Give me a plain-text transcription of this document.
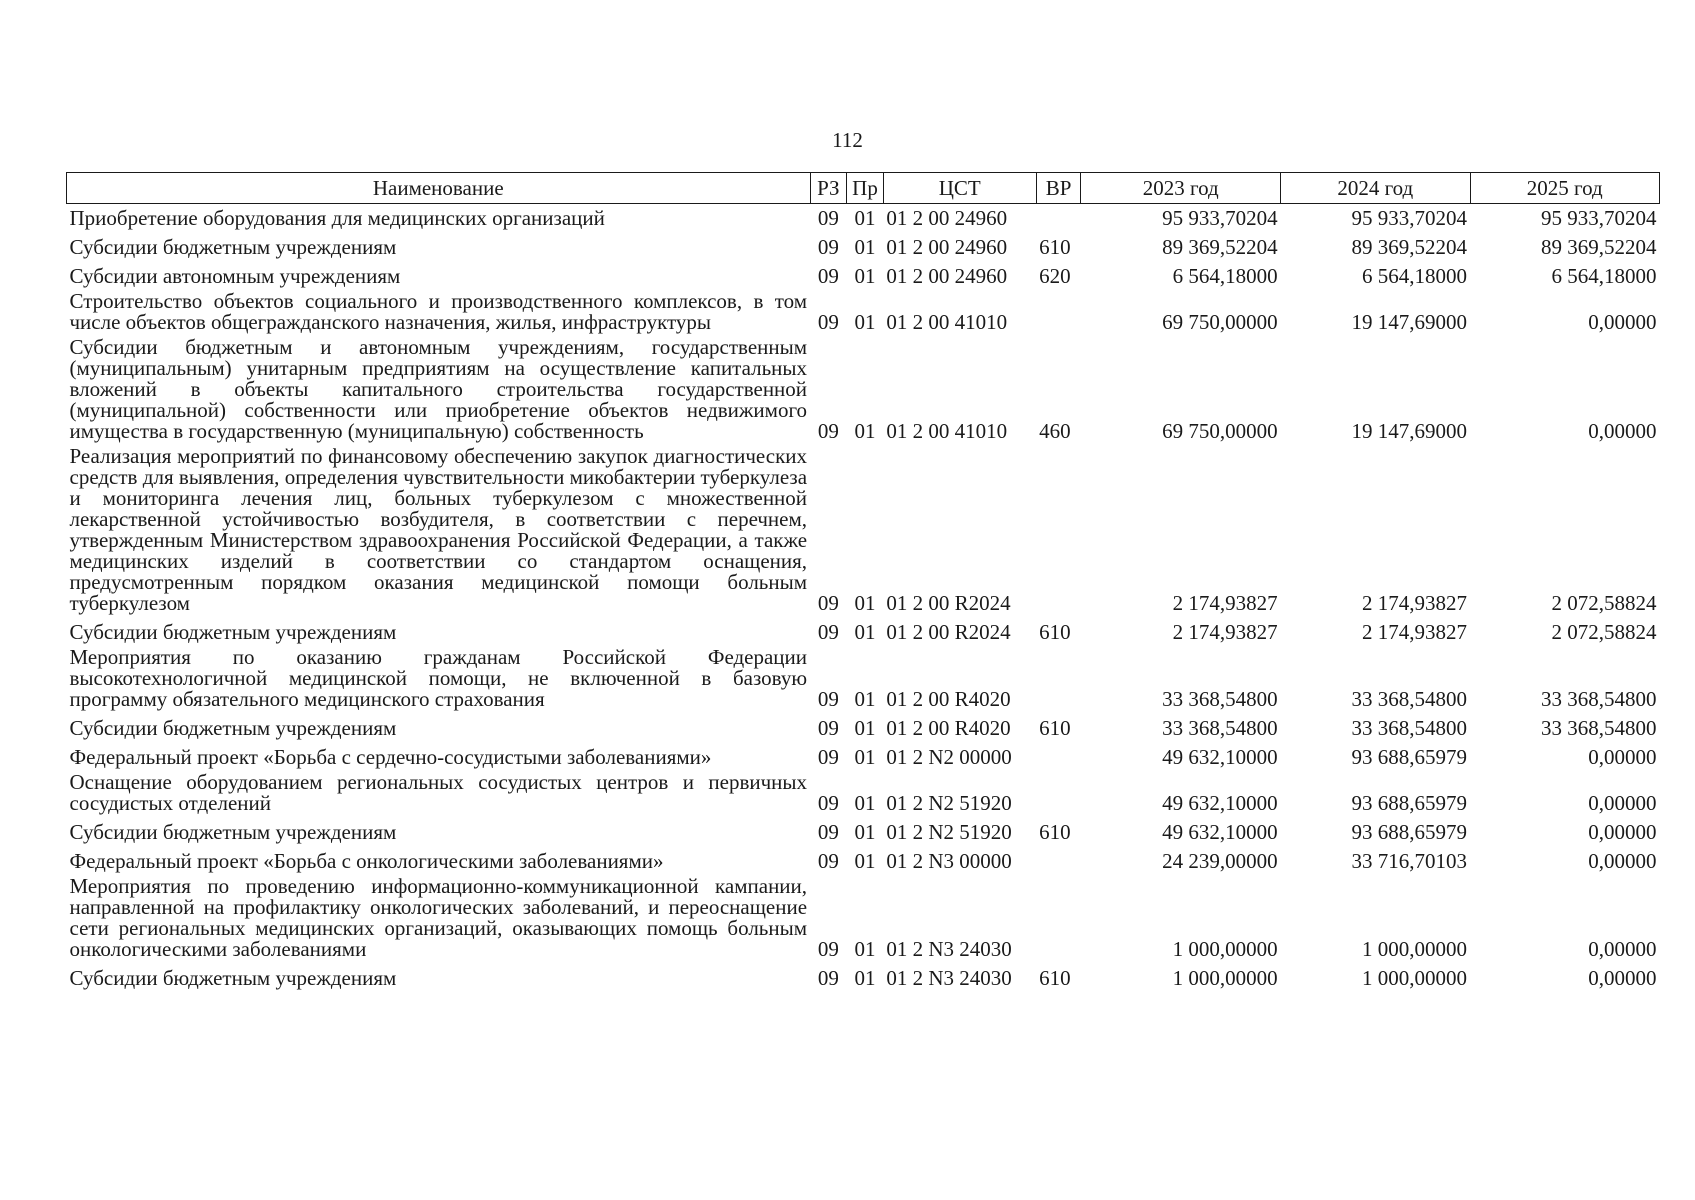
112
Наименование	РЗ	Пр	ЦСТ	ВР	2023 год	2024 год	2025 год
Приобретение оборудования для медицинских организаций	09	01	01 2 00 24960		95 933,70204	95 933,70204	95 933,70204
Субсидии бюджетным учреждениям	09	01	01 2 00 24960	610	89 369,52204	89 369,52204	89 369,52204
Субсидии автономным учреждениям	09	01	01 2 00 24960	620	6 564,18000	6 564,18000	6 564,18000
Строительство объектов социального и производственного комплексов, в том числе объектов общегражданского назначения, жилья, инфраструктуры	09	01	01 2 00 41010		69 750,00000	19 147,69000	0,00000
Субсидии бюджетным и автономным учреждениям, государственным (муниципальным) унитарным предприятиям на осуществление капитальных вложений в объекты капитального строительства государственной (муниципальной) собственности или приобретение объектов недвижимого имущества в государственную (муниципальную) собственность	09	01	01 2 00 41010	460	69 750,00000	19 147,69000	0,00000
Реализация мероприятий по финансовому обеспечению закупок диагностических средств для выявления, определения чувствительности микобактерии туберкулеза и мониторинга лечения лиц, больных туберкулезом с множественной лекарственной устойчивостью возбудителя, в соответствии с перечнем, утвержденным Министерством здравоохранения Российской Федерации, а также медицинских изделий в соответствии со стандартом оснащения, предусмотренным порядком оказания медицинской помощи больным туберкулезом	09	01	01 2 00 R2024		2 174,93827	2 174,93827	2 072,58824
Субсидии бюджетным учреждениям	09	01	01 2 00 R2024	610	2 174,93827	2 174,93827	2 072,58824
Мероприятия по оказанию гражданам Российской Федерации высокотехнологичной медицинской помощи, не включенной в базовую программу обязательного медицинского страхования	09	01	01 2 00 R4020		33 368,54800	33 368,54800	33 368,54800
Субсидии бюджетным учреждениям	09	01	01 2 00 R4020	610	33 368,54800	33 368,54800	33 368,54800
Федеральный проект «Борьба с сердечно-сосудистыми заболеваниями»	09	01	01 2 N2 00000		49 632,10000	93 688,65979	0,00000
Оснащение оборудованием региональных сосудистых центров и первичных сосудистых отделений	09	01	01 2 N2 51920		49 632,10000	93 688,65979	0,00000
Субсидии бюджетным учреждениям	09	01	01 2 N2 51920	610	49 632,10000	93 688,65979	0,00000
Федеральный проект «Борьба с онкологическими заболеваниями»	09	01	01 2 N3 00000		24 239,00000	33 716,70103	0,00000
Мероприятия по проведению информационно-коммуникационной кампании, направленной на профилактику онкологических заболеваний, и переоснащение сети региональных медицинских организаций, оказывающих помощь больным онкологическими заболеваниями	09	01	01 2 N3 24030		1 000,00000	1 000,00000	0,00000
Субсидии бюджетным учреждениям	09	01	01 2 N3 24030	610	1 000,00000	1 000,00000	0,00000
